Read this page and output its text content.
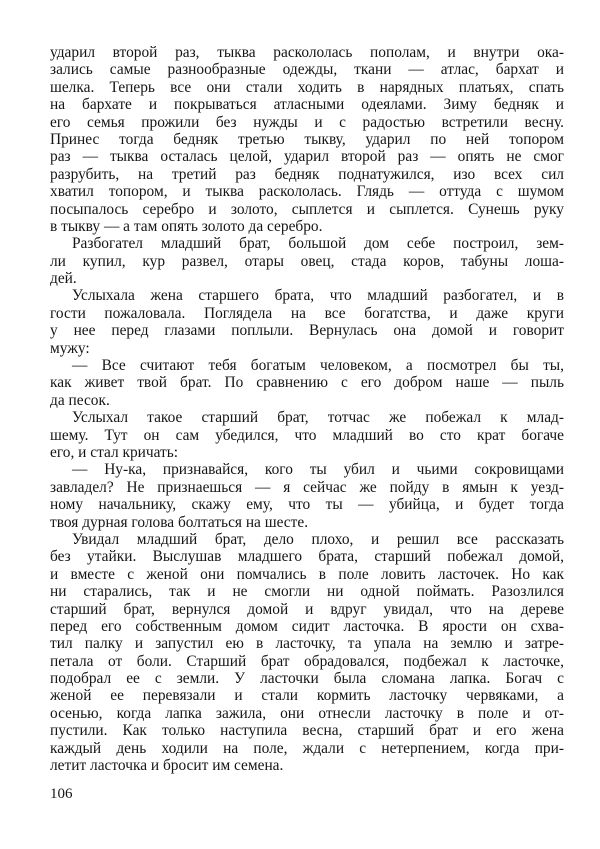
ударил второй раз, тыква раскололась пополам, и внутри ока-
зались самые разнообразные одежды, ткани — атлас, бархат и
шелка. Теперь все они стали ходить в нарядных платьях, спать
на бархате и покрываться атласными одеялами. Зиму бедняк и
его семья прожили без нужды и с радостью встретили весну.
Принес тогда бедняк третью тыкву, ударил по ней топором
раз — тыква осталась целой, ударил второй раз — опять не смог
разрубить, на третий раз бедняк поднатужился, изо всех сил
хватил топором, и тыква раскололась. Глядь — оттуда с шумом
посыпалось серебро и золото, сыплется и сыплется. Сунешь руку
в тыкву — а там опять золото да серебро.
Разбогател младший брат, большой дом себе построил, зем-
ли купил, кур развел, отары овец, стада коров, табуны лоша-
дей.
Услыхала жена старшего брата, что младший разбогател, и в
гости пожаловала. Поглядела на все богатства, и даже круги
у нее перед глазами поплыли. Вернулась она домой и говорит
мужу:
— Все считают тебя богатым человеком, а посмотрел бы ты,
как живет твой брат. По сравнению с его добром наше — пыль
да песок.
Услыхал такое старший брат, тотчас же побежал к млад-
шему. Тут он сам убедился, что младший во сто крат богаче
его, и стал кричать:
— Ну-ка, признавайся, кого ты убил и чьими сокровищами
завладел? Не признаешься — я сейчас же пойду в ямын к уезд-
ному начальнику, скажу ему, что ты — убийца, и будет тогда
твоя дурная голова болтаться на шесте.
Увидал младший брат, дело плохо, и решил все рассказать
без утайки. Выслушав младшего брата, старший побежал домой,
и вместе с женой они помчались в поле ловить ласточек. Но как
ни старались, так и не смогли ни одной поймать. Разозлился
старший брат, вернулся домой и вдруг увидал, что на дереве
перед его собственным домом сидит ласточка. В ярости он схва-
тил палку и запустил ею в ласточку, та упала на землю и затре-
петала от боли. Старший брат обрадовался, подбежал к ласточке,
подобрал ее с земли. У ласточки была сломана лапка. Богач с
женой ее перевязали и стали кормить ласточку червяками, а
осенью, когда лапка зажила, они отнесли ласточку в поле и от-
пустили. Как только наступила весна, старший брат и его жена
каждый день ходили на поле, ждали с нетерпением, когда при-
летит ласточка и бросит им семена.
106
